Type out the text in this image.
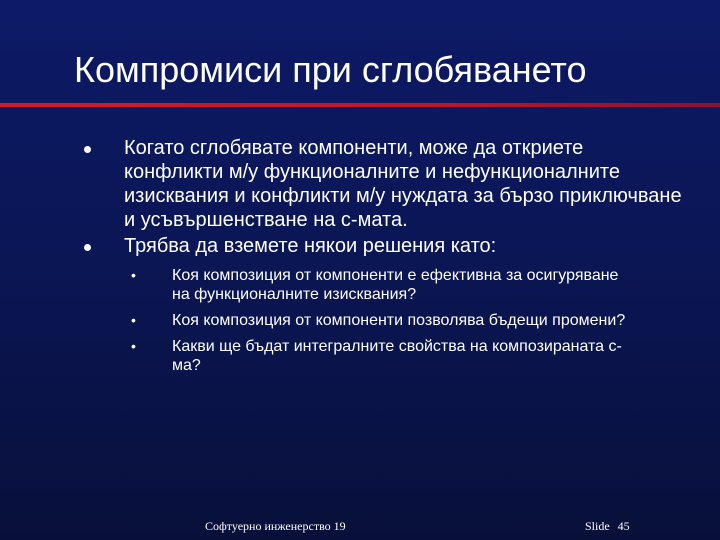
Компромиси при сглобяването
Когато сглобявате компоненти, може да откриете конфликти м/у функционалните и нефункционалните изисквания и конфликти м/у нуждата за бързо приключване и усъвършенстване на с-мата.
Трябва да вземете някои решения като:
• Коя композиция от компоненти е ефективна за осигуряване на функционалните изисквания?
• Коя композиция от компоненти позволява бъдещи промени?
• Какви ще бъдат интегралните свойства на композираната с-ма?
Софтуерно инженерство 19	Slide 45
